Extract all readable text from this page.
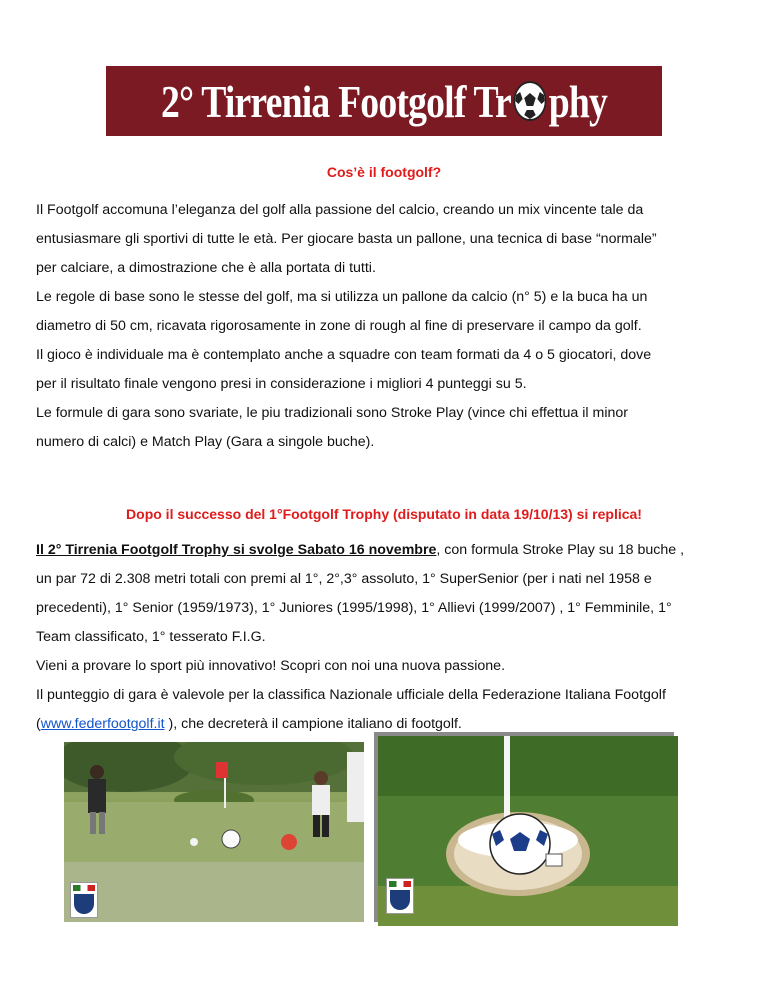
2° Tirrenia Footgolf Tr phy
Cos’è il footgolf?

Il Footgolf accomuna l’eleganza del golf alla passione del calcio, creando un mix vincente tale da

entusiasmare gli sportivi di tutte le età. Per giocare basta un pallone, una tecnica di base “normale”

per calciare, a dimostrazione che è alla portata di tutti.

Le regole di base sono le stesse del golf, ma si utilizza un pallone da calcio (n° 5) e la buca ha un

diametro di 50 cm, ricavata rigorosamente in zone di rough al fine di preservare il campo da golf.

Il gioco è individuale ma è contemplato anche a squadre con team formati da 4 o 5 giocatori, dove

per il risultato finale vengono presi in considerazione i migliori 4 punteggi su 5.

Le formule di gara sono svariate, le piu tradizionali sono Stroke Play (vince chi effettua il minor

numero di calci) e Match Play (Gara a singole buche).

Dopo il successo del 1°Footgolf Trophy (disputato in data 19/10/13) si replica!

Il 2° Tirrenia Footgolf Trophy si svolge Sabato 16 novembre, con formula Stroke Play su 18 buche ,

un par 72 di 2.308 metri totali con premi al 1°, 2°,3° assoluto, 1° SuperSenior (per i nati nel 1958 e

precedenti), 1° Senior (1959/1973), 1° Juniores (1995/1998), 1° Allievi (1999/2007) , 1° Femminile, 1°

Team classificato, 1° tesserato F.I.G.

Vieni a provare lo sport più innovativo! Scopri con noi una nuova passione.

Il punteggio di gara è valevole per la classifica Nazionale ufficiale della Federazione Italiana Footgolf

(www.federfootgolf.it ), che decreterà il campione italiano di footgolf.
